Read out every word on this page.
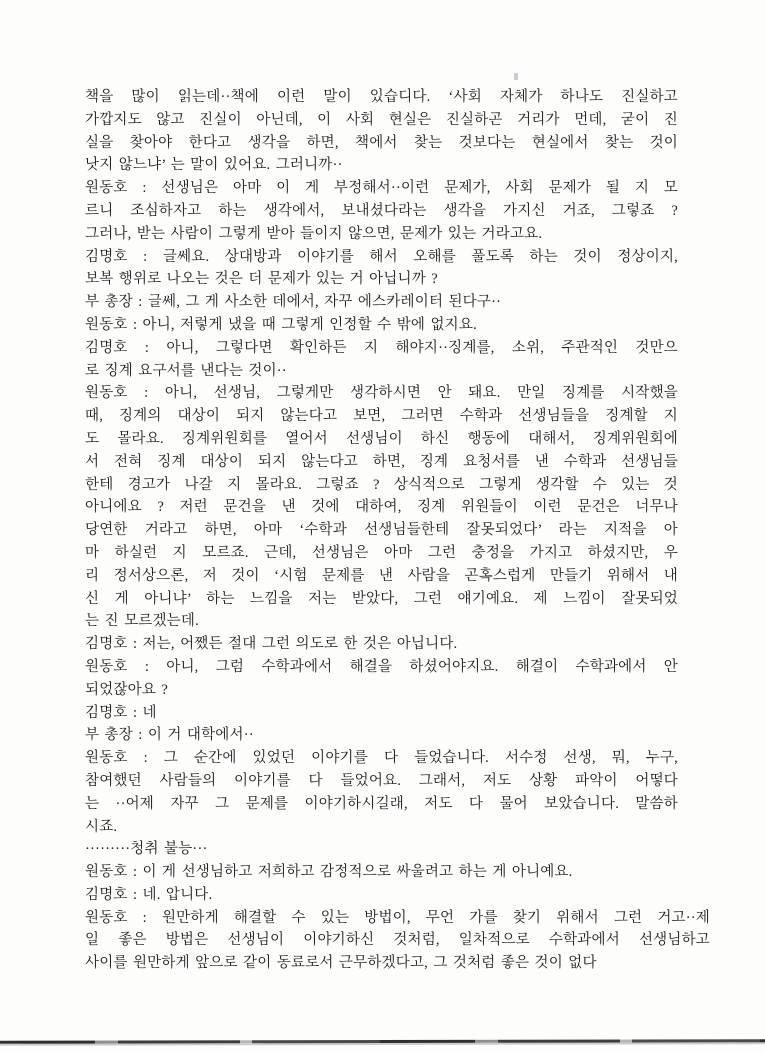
책을 많이 읽는데··책에 이런 말이 있습디다. ‘사회 자체가 하나도 진실하고
가깝지도 않고 진실이 아닌데, 이 사회 현실은 진실하곤 거리가 먼데, 굳이 진
실을 찾아야 한다고 생각을 하면, 책에서 찾는 것보다는 현실에서 찾는 것이
낫지 않느냐’ 는 말이 있어요. 그러니까··
원동호 : 선생님은 아마 이 게 부정해서··이런 문제가, 사회 문제가 될 지 모
르니 조심하자고 하는 생각에서, 보내셨다라는 생각을 가지신 거죠, 그렇죠 ?
그러나, 받는 사람이 그렇게 받아 들이지 않으면, 문제가 있는 거라고요.
김명호 : 글쎄요. 상대방과 이야기를 해서 오해를 풀도록 하는 것이 정상이지,
보복 행위로 나오는 것은 더 문제가 있는 거 아닙니까 ?
부 총장 : 글쎄, 그 게 사소한 데에서, 자꾸 에스카레이터 된다구··
원동호 : 아니, 저렇게 냈을 때 그렇게 인정할 수 밖에 없지요.
김명호 : 아니, 그렇다면 확인하든 지 해야지··징계를, 소위, 주관적인 것만으
로 징계 요구서를 낸다는 것이··
원동호 : 아니, 선생님, 그렇게만 생각하시면 안 돼요. 만일 징계를 시작했을
때, 징계의 대상이 되지 않는다고 보면, 그러면 수학과 선생님들을 징계할 지
도 몰라요. 징계위원회를 열어서 선생님이 하신 행동에 대해서, 징계위원회에
서 전혀 징계 대상이 되지 않는다고 하면, 징계 요청서를 낸 수학과 선생님들
한테 경고가 나갈 지 몰라요. 그렇죠 ? 상식적으로 그렇게 생각할 수 있는 것
아니에요 ? 저런 문건을 낸 것에 대하여, 징계 위원들이 이런 문건은 너무나
당연한 거라고 하면, 아마 ‘수학과 선생님들한테 잘못되었다’ 라는 지적을 아
마 하실런 지 모르죠. 근데, 선생님은 아마 그런 충정을 가지고 하셨지만, 우
리 정서상으론, 저 것이 ‘시험 문제를 낸 사람을 곤혹스럽게 만들기 위해서 내
신 게 아니냐’ 하는 느낌을 저는 받았다, 그런 얘기예요. 제 느낌이 잘못되었
는 진 모르겠는데.
김명호 : 저는, 어쨌든 절대 그런 의도로 한 것은 아닙니다.
원동호 : 아니, 그럼 수학과에서 해결을 하셨어야지요. 해결이 수학과에서 안
되었잖아요 ?
김명호 : 네
부 총장 : 이 거 대학에서··
원동호 : 그 순간에 있었던 이야기를 다 들었습니다. 서수정 선생, 뭐, 누구,
참여했던 사람들의 이야기를 다 들었어요. 그래서, 저도 상황 파악이 어떻다
는 ··어제 자꾸 그 문제를 이야기하시길래, 저도 다 물어 보았습니다. 말씀하
시죠.
·········청취 불능···
원동호 : 이 게 선생님하고 저희하고 감정적으로 싸울려고 하는 게 아니예요.
김명호 : 네. 압니다.
원동호 : 원만하게 해결할 수 있는 방법이, 무언 가를 찾기 위해서 그런 거고··제
일 좋은 방법은 선생님이 이야기하신 것처럼, 일차적으로 수학과에서 선생님하고
사이를 원만하게 앞으로 같이 동료로서 근무하겠다고, 그 것처럼 좋은 것이 없다
